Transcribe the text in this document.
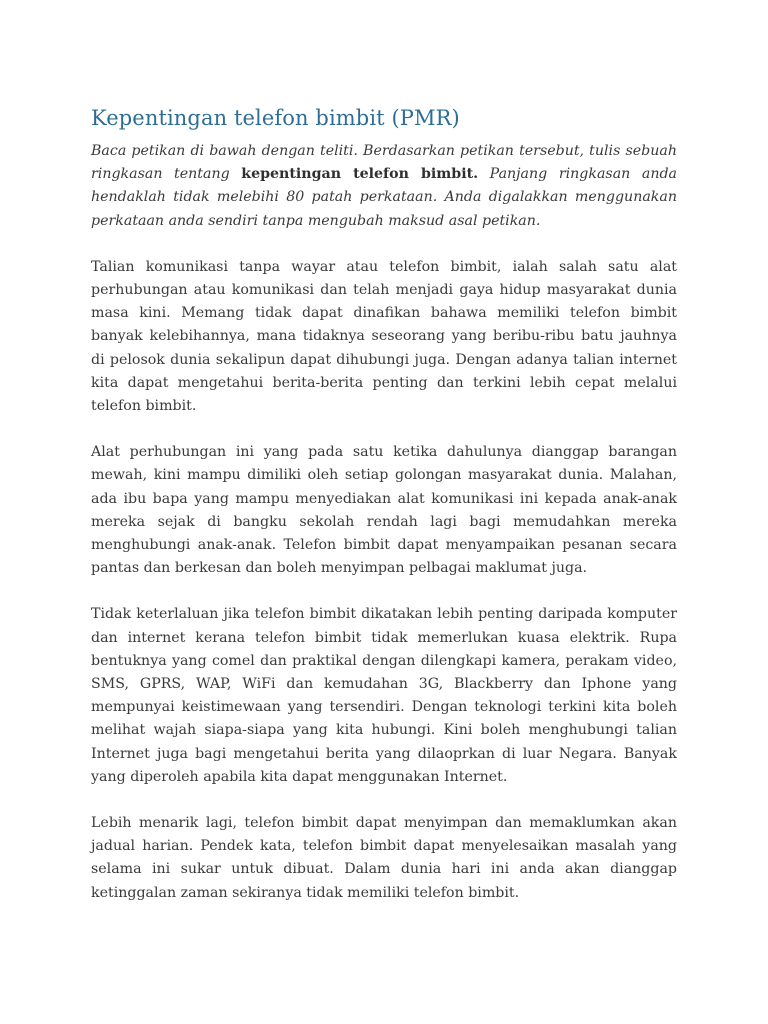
Kepentingan telefon bimbit (PMR)

Baca petikan di bawah dengan teliti. Berdasarkan petikan tersebut, tulis sebuah ringkasan tentang kepentingan telefon bimbit. Panjang ringkasan anda hendaklah tidak melebihi 80 patah perkataan. Anda digalakkan menggunakan perkataan anda sendiri tanpa mengubah maksud asal petikan.

Talian komunikasi tanpa wayar atau telefon bimbit, ialah salah satu alat perhubungan atau komunikasi dan telah menjadi gaya hidup masyarakat dunia masa kini. Memang tidak dapat dinafikan bahawa memiliki telefon bimbit banyak kelebihannya, mana tidaknya seseorang yang beribu-ribu batu jauhnya di pelosok dunia sekalipun dapat dihubungi juga. Dengan adanya talian internet kita dapat mengetahui berita-berita penting dan terkini lebih cepat melalui telefon bimbit.

Alat perhubungan ini yang pada satu ketika dahulunya dianggap barangan mewah, kini mampu dimiliki oleh setiap golongan masyarakat dunia. Malahan, ada ibu bapa yang mampu menyediakan alat komunikasi ini kepada anak-anak mereka sejak di bangku sekolah rendah lagi bagi memudahkan mereka menghubungi anak-anak. Telefon bimbit dapat menyampaikan pesanan secara pantas dan berkesan dan boleh menyimpan pelbagai maklumat juga.

Tidak keterlaluan jika telefon bimbit dikatakan lebih penting daripada komputer dan internet kerana telefon bimbit tidak memerlukan kuasa elektrik. Rupa bentuknya yang comel dan praktikal dengan dilengkapi kamera, perakam video, SMS, GPRS, WAP, WiFi dan kemudahan 3G, Blackberry dan Iphone yang mempunyai keistimewaan yang tersendiri. Dengan teknologi terkini kita boleh melihat wajah siapa-siapa yang kita hubungi. Kini boleh menghubungi talian Internet juga bagi mengetahui berita yang dilaoprkan di luar Negara. Banyak yang diperoleh apabila kita dapat menggunakan Internet.

Lebih menarik lagi, telefon bimbit dapat menyimpan dan memaklumkan akan jadual harian. Pendek kata, telefon bimbit dapat menyelesaikan masalah yang selama ini sukar untuk dibuat. Dalam dunia hari ini anda akan dianggap ketinggalan zaman sekiranya tidak memiliki telefon bimbit.
